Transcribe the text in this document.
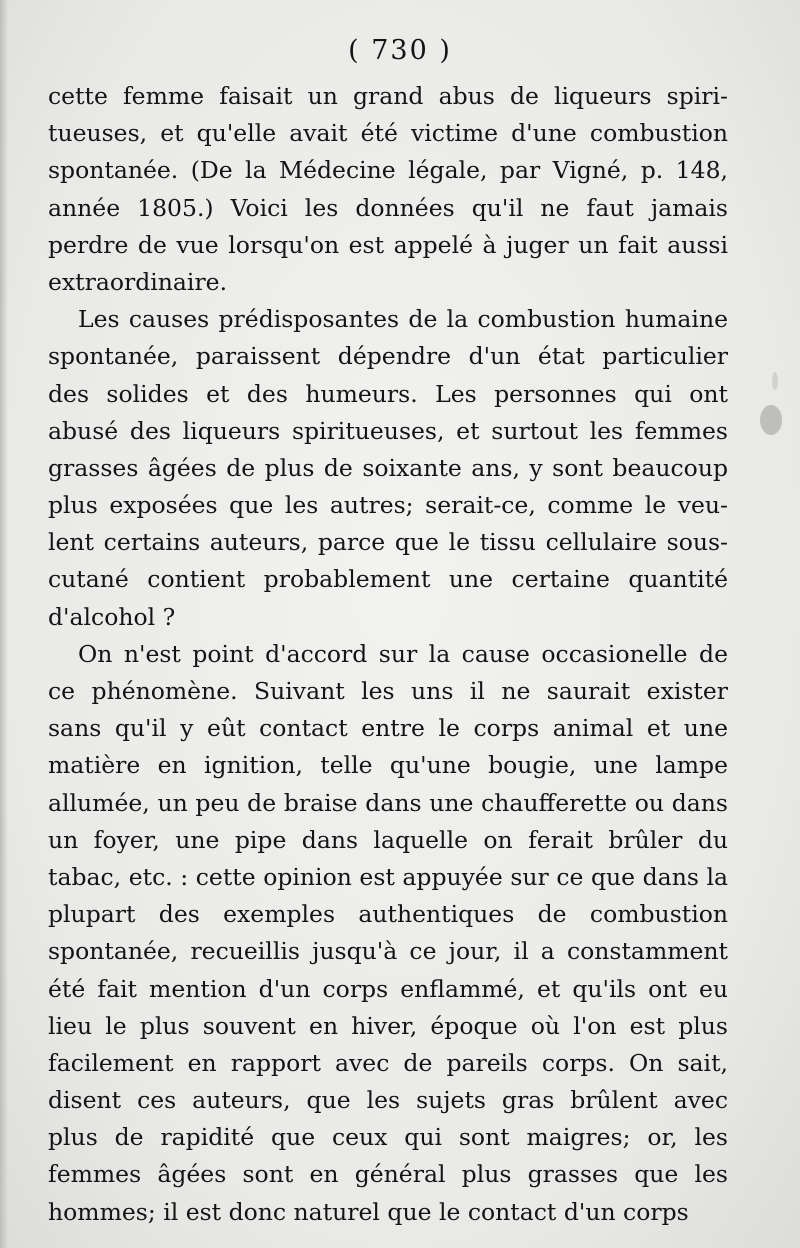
( 730 )
cette femme faisait un grand abus de liqueurs spiri-
tueuses, et qu'elle avait été victime d'une combustion
spontanée. (De la Médecine légale, par Vigné, p. 148,
année 1805.) Voici les données qu'il ne faut jamais
perdre de vue lorsqu'on est appelé à juger un fait aussi
extraordinaire.
Les causes prédisposantes de la combustion humaine
spontanée, paraissent dépendre d'un état particulier
des solides et des humeurs. Les personnes qui ont
abusé des liqueurs spiritueuses, et surtout les femmes
grasses âgées de plus de soixante ans, y sont beaucoup
plus exposées que les autres; serait-ce, comme le veu-
lent certains auteurs, parce que le tissu cellulaire sous-
cutané contient probablement une certaine quantité
d'alcohol ?
On n'est point d'accord sur la cause occasionelle de
ce phénomène. Suivant les uns il ne saurait exister
sans qu'il y eût contact entre le corps animal et une
matière en ignition, telle qu'une bougie, une lampe
allumée, un peu de braise dans une chaufferette ou dans
un foyer, une pipe dans laquelle on ferait brûler du
tabac, etc. : cette opinion est appuyée sur ce que dans la
plupart des exemples authentiques de combustion
spontanée, recueillis jusqu'à ce jour, il a constamment
été fait mention d'un corps enflammé, et qu'ils ont eu
lieu le plus souvent en hiver, époque où l'on est plus
facilement en rapport avec de pareils corps. On sait,
disent ces auteurs, que les sujets gras brûlent avec
plus de rapidité que ceux qui sont maigres; or, les
femmes âgées sont en général plus grasses que les
hommes; il est donc naturel que le contact d'un corps
